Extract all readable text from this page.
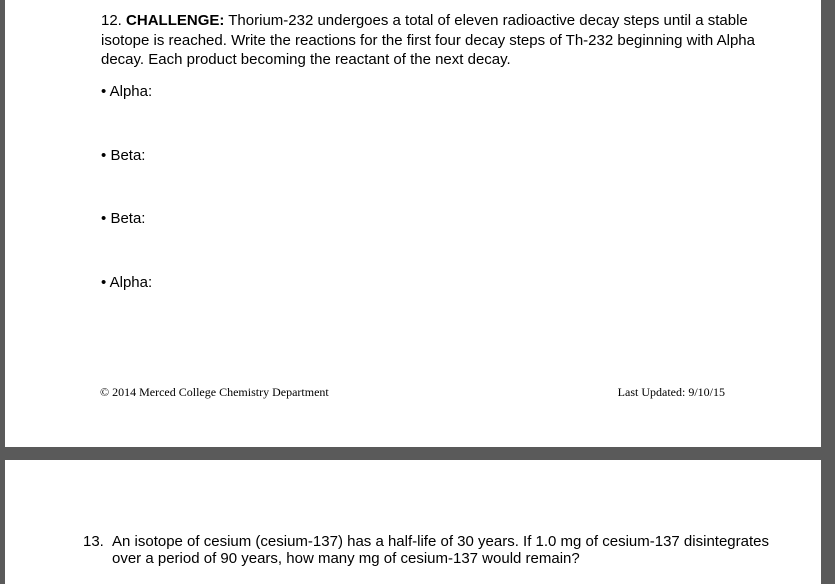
12. CHALLENGE: Thorium-232 undergoes a total of eleven radioactive decay steps until a stable isotope is reached. Write the reactions for the first four decay steps of Th-232 beginning with Alpha decay. Each product becoming the reactant of the next decay.

• Alpha:

• Beta:

• Beta:

• Alpha:

© 2014 Merced College Chemistry Department	Last Updated: 9/10/15
13. An isotope of cesium (cesium-137) has a half-life of 30 years. If 1.0 mg of cesium-137 disintegrates over a period of 90 years, how many mg of cesium-137 would remain?
